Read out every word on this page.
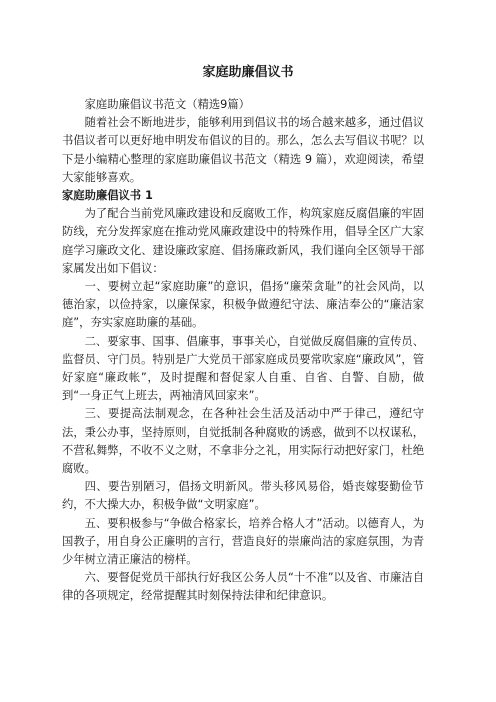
家庭助廉倡议书

家庭助廉倡议书范文（精选9篇）

随着社会不断地进步，能够利用到倡议书的场合越来越多，通过倡议书倡议者可以更好地申明发布倡议的目的。那么，怎么去写倡议书呢？以下是小编精心整理的家庭助廉倡议书范文（精选 9 篇），欢迎阅读，希望大家能够喜欢。

家庭助廉倡议书 1

为了配合当前党风廉政建设和反腐败工作，构筑家庭反腐倡廉的牢固防线，充分发挥家庭在推动党风廉政建设中的特殊作用，倡导全区广大家庭学习廉政文化、建设廉政家庭、倡扬廉政新风，我们谨向全区领导干部家属发出如下倡议：

一、要树立起“家庭助廉”的意识，倡扬“廉荣贪耻”的社会风尚，以德治家，以俭持家，以廉保家，积极争做遵纪守法、廉洁奉公的“廉洁家庭”，夯实家庭助廉的基础。

二、要家事、国事、倡廉事，事事关心，自觉做反腐倡廉的宣传员、监督员、守门员。特别是广大党员干部家庭成员要常吹家庭“廉政风”，管好家庭“廉政帐”，及时提醒和督促家人自重、自省、自警、自励，做到“一身正气上班去，两袖清风回家来”。

三、要提高法制观念，在各种社会生活及活动中严于律己，遵纪守法，秉公办事，坚持原则，自觉抵制各种腐败的诱惑，做到不以权谋私，不营私舞弊，不收不义之财，不拿非分之礼，用实际行动把好家门，杜绝腐败。

四、要告别陋习，倡扬文明新风。带头移风易俗，婚丧嫁娶勤俭节约，不大操大办，积极争做“文明家庭”。

五、要积极参与“争做合格家长，培养合格人才”活动。以德育人，为国教子，用自身公正廉明的言行，营造良好的崇廉尚洁的家庭氛围，为青少年树立清正廉洁的榜样。

六、要督促党员干部执行好我区公务人员“十不准”以及省、市廉洁自律的各项规定，经常提醒其时刻保持法律和纪律意识。
